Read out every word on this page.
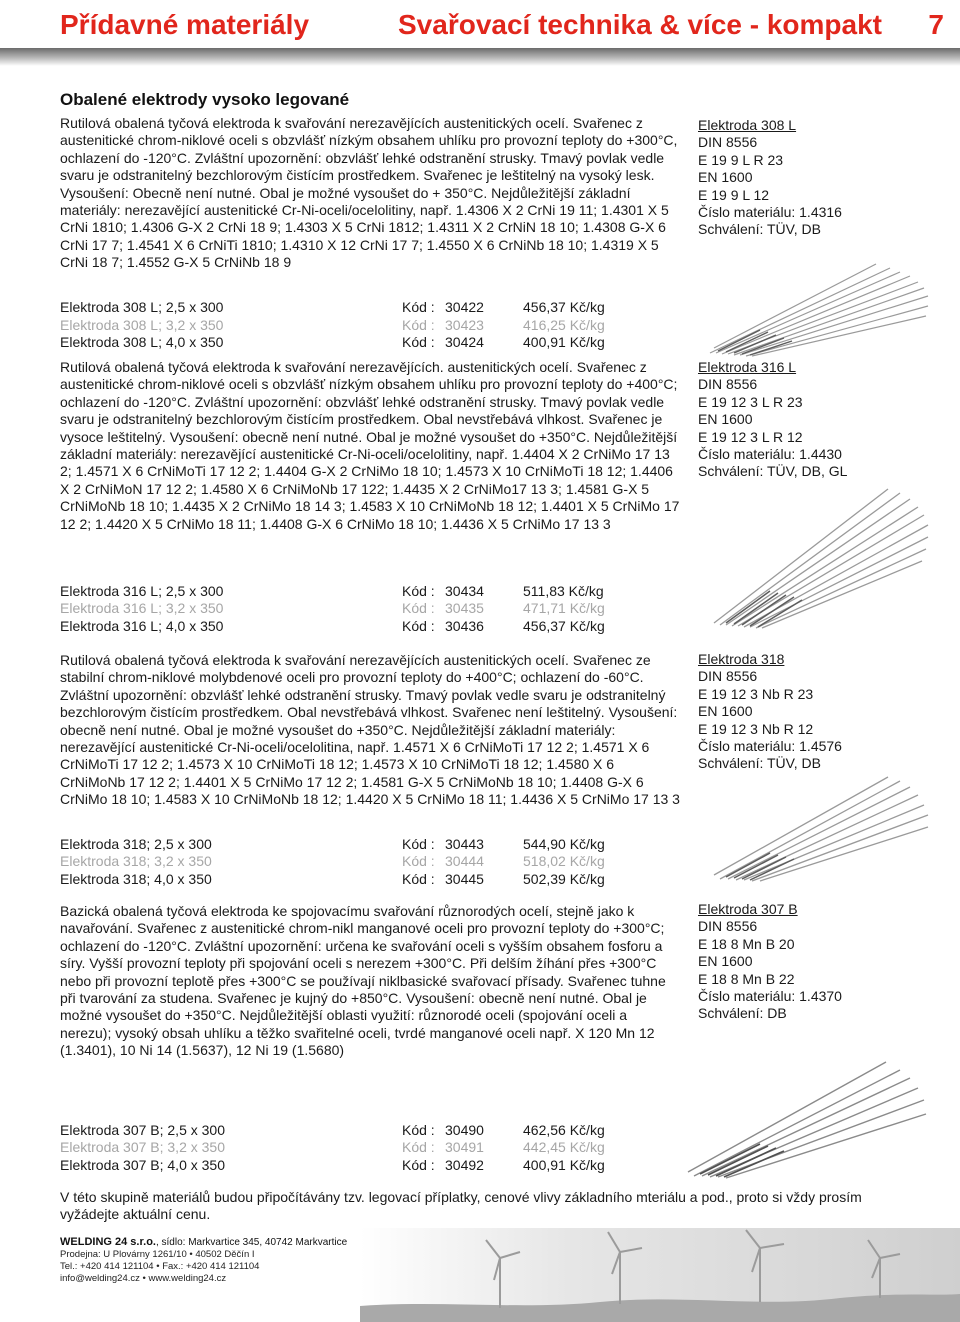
Přídavné materiály	Svařovací technika & více - kompakt 7
Obalené elektrody vysoko legované
Rutilová obalená tyčová elektroda k svařování nerezavějících austenitických ocelí. Svařenec z austenitické chrom-niklové oceli s obzvlášť nízkým obsahem uhlíku pro provozní teploty do +300°C, ochlazení do -120°C. Zvláštní upozornění: obzvlášť lehké odstranění strusky. Tmavý povlak vedle svaru je odstranitelný bezchlorovým čistícím prostředkem. Svařenec je leštitelný na vysoký lesk. Vysoušení: Obecně není nutné. Obal je možné vysoušet do + 350°C. Nejdůležitější základní materiály: nerezavějící austenitické Cr-Ni-oceli/ocelolitiny, např. 1.4306 X 2 CrNi 19 11; 1.4301 X 5 CrNi 1810; 1.4306 G-X 2 CrNi 18 9; 1.4303 X 5 CrNi 1812; 1.4311 X 2 CrNiN 18 10; 1.4308 G-X 6 CrNi 17 7; 1.4541 X 6 CrNiTi 1810; 1.4310 X 12 CrNi 17 7; 1.4550 X 6 CrNiNb 18 10; 1.4319 X 5 CrNi 18 7; 1.4552 G-X 5 CrNiNb 18 9
Elektroda 308 L
DIN 8556
E 19 9 L R 23
EN 1600
E 19 9 L 12
Číslo materiálu: 1.4316
Schválení: TÜV, DB
Elektroda 308 L; 2,5 x 300	Kód : 30422	456,37 Kč/kg
Elektroda 308 L; 3,2 x 350	Kód : 30423	416,25 Kč/kg
Elektroda 308 L; 4,0 x 350	Kód : 30424	400,91 Kč/kg
Rutilová obalená tyčová elektroda k svařování nerezavějících. austenitických ocelí. Svařenec z austenitické chrom-niklové oceli s obzvlášť nízkým obsahem uhlíku pro provozní teploty do +400°C; ochlazení do -120°C. Zvláštní upozornění: obzvlášť lehké odstranění strusky. Tmavý povlak vedle svaru je odstranitelný bezchlorovým čistícím prostředkem. Obal nevstřebává vlhkost. Svařenec je vysoce leštitelný. Vysoušení: obecně není nutné. Obal je možné vysoušet do +350°C. Nejdůležitější základní materiály: nerezavějící austenitické Cr-Ni-oceli/ocelolitiny, např. 1.4404 X 2 CrNiMo 17 13 2; 1.4571 X 6 CrNiMoTi 17 12 2; 1.4404 G-X 2 CrNiMo 18 10; 1.4573 X 10 CrNiMoTi 18 12; 1.4406 X 2 CrNiMoN 17 12 2; 1.4580 X 6 CrNiMoNb 17 122; 1.4435 X 2 CrNiMo17 13 3; 1.4581 G-X 5 CrNiMoNb 18 10; 1.4435 X 2 CrNiMo 18 14 3; 1.4583 X 10 CrNiMoNb 18 12; 1.4401 X 5 CrNiMo 17 12 2; 1.4420 X 5 CrNiMo 18 11; 1.4408 G-X 6 CrNiMo 18 10; 1.4436 X 5 CrNiMo 17 13 3
Elektroda 316 L
DIN 8556
E 19 12 3 L R 23
EN 1600
E 19 12 3 L R 12
Číslo materiálu: 1.4430
Schválení: TÜV, DB, GL
Elektroda 316 L; 2,5 x 300	Kód : 30434	511,83 Kč/kg
Elektroda 316 L; 3,2 x 350	Kód : 30435	471,71 Kč/kg
Elektroda 316 L; 4,0 x 350	Kód : 30436	456,37 Kč/kg
Rutilová obalená tyčová elektroda k svařování nerezavějících austenitických ocelí. Svařenec ze stabilní chrom-niklové molybdenové oceli pro provozní teploty do +400°C; ochlazení do -60°C. Zvláštní upozornění: obzvlášť lehké odstranění strusky. Tmavý povlak vedle svaru je odstranitelný bezchlorovým čistícím prostředkem. Obal nevstřebává vlhkost. Svařenec není leštitelný. Vysoušení: obecně není nutné. Obal je možné vysoušet do +350°C. Nejdůležitější základní materiály: nerezavějící austenitické Cr-Ni-oceli/ocelolitina, např. 1.4571 X 6 CrNiMoTi 17 12 2; 1.4571 X 6 CrNiMoTi 17 12 2; 1.4573 X 10 CrNiMoTi 18 12; 1.4573 X 10 CrNiMoTi 18 12; 1.4580 X 6 CrNiMoNb 17 12 2; 1.4401 X 5 CrNiMo 17 12 2; 1.4581 G-X 5 CrNiMoNb 18 10; 1.4408 G-X 6 CrNiMo 18 10; 1.4583 X 10 CrNiMoNb 18 12; 1.4420 X 5 CrNiMo 18 11; 1.4436 X 5 CrNiMo 17 13 3
Elektroda 318
DIN 8556
E 19 12 3 Nb R 23
EN 1600
E 19 12 3 Nb R 12
Číslo materiálu: 1.4576
Schválení: TÜV, DB
Elektroda 318; 2,5 x 300	Kód : 30443	544,90 Kč/kg
Elektroda 318; 3,2 x 350	Kód : 30444	518,02 Kč/kg
Elektroda 318; 4,0 x 350	Kód : 30445	502,39 Kč/kg
Bazická obalená tyčová elektroda ke spojovacímu svařování různorodých ocelí, stejně jako k navařování. Svařenec z austenitické chrom-nikl manganové oceli pro provozní teploty do +300°C; ochlazení do -120°C. Zvláštní upozornění: určena ke svařování oceli s vyšším obsahem fosforu a síry. Vyšší provozní teploty při spojování oceli s nerezem +300°C. Při delším žíhání přes +300°C nebo při provozní teplotě přes +300°C se používají niklbasické svařovací přísady. Svařenec tuhne při tvarování za studena. Svařenec je kujný do +850°C. Vysoušení: obecně není nutné. Obal je možné vysoušet do +350°C. Nejdůležitější oblasti využití: různorodé oceli (spojování oceli a nerezu); vysoký obsah uhlíku a těžko svařitelné oceli, tvrdé manganové oceli např. X 120 Mn 12 (1.3401), 10 Ni 14 (1.5637), 12 Ni 19 (1.5680)
Elektroda 307 B
DIN 8556
E 18 8 Mn B 20
EN 1600
E 18 8 Mn B 22
Číslo materiálu: 1.4370
Schválení: DB
Elektroda 307 B; 2,5 x 300	Kód : 30490	462,56 Kč/kg
Elektroda 307 B; 3,2 x 350	Kód : 30491	442,45 Kč/kg
Elektroda 307 B; 4,0 x 350	Kód : 30492	400,91 Kč/kg
V této skupině materiálů budou připočítávány tzv. legovací příplatky, cenové vlivy základního mteriálu a pod., proto si vždy prosím vyžádejte aktuální cenu.
WELDING 24 s.r.o., sídlo: Markvartice 345, 40742 Markvartice
Prodejna: U Plovárny 1261/10 • 40502 Děčín I
Tel.: +420 414 121104 • Fax.: +420 414 121104
info@welding24.cz • www.welding24.cz
